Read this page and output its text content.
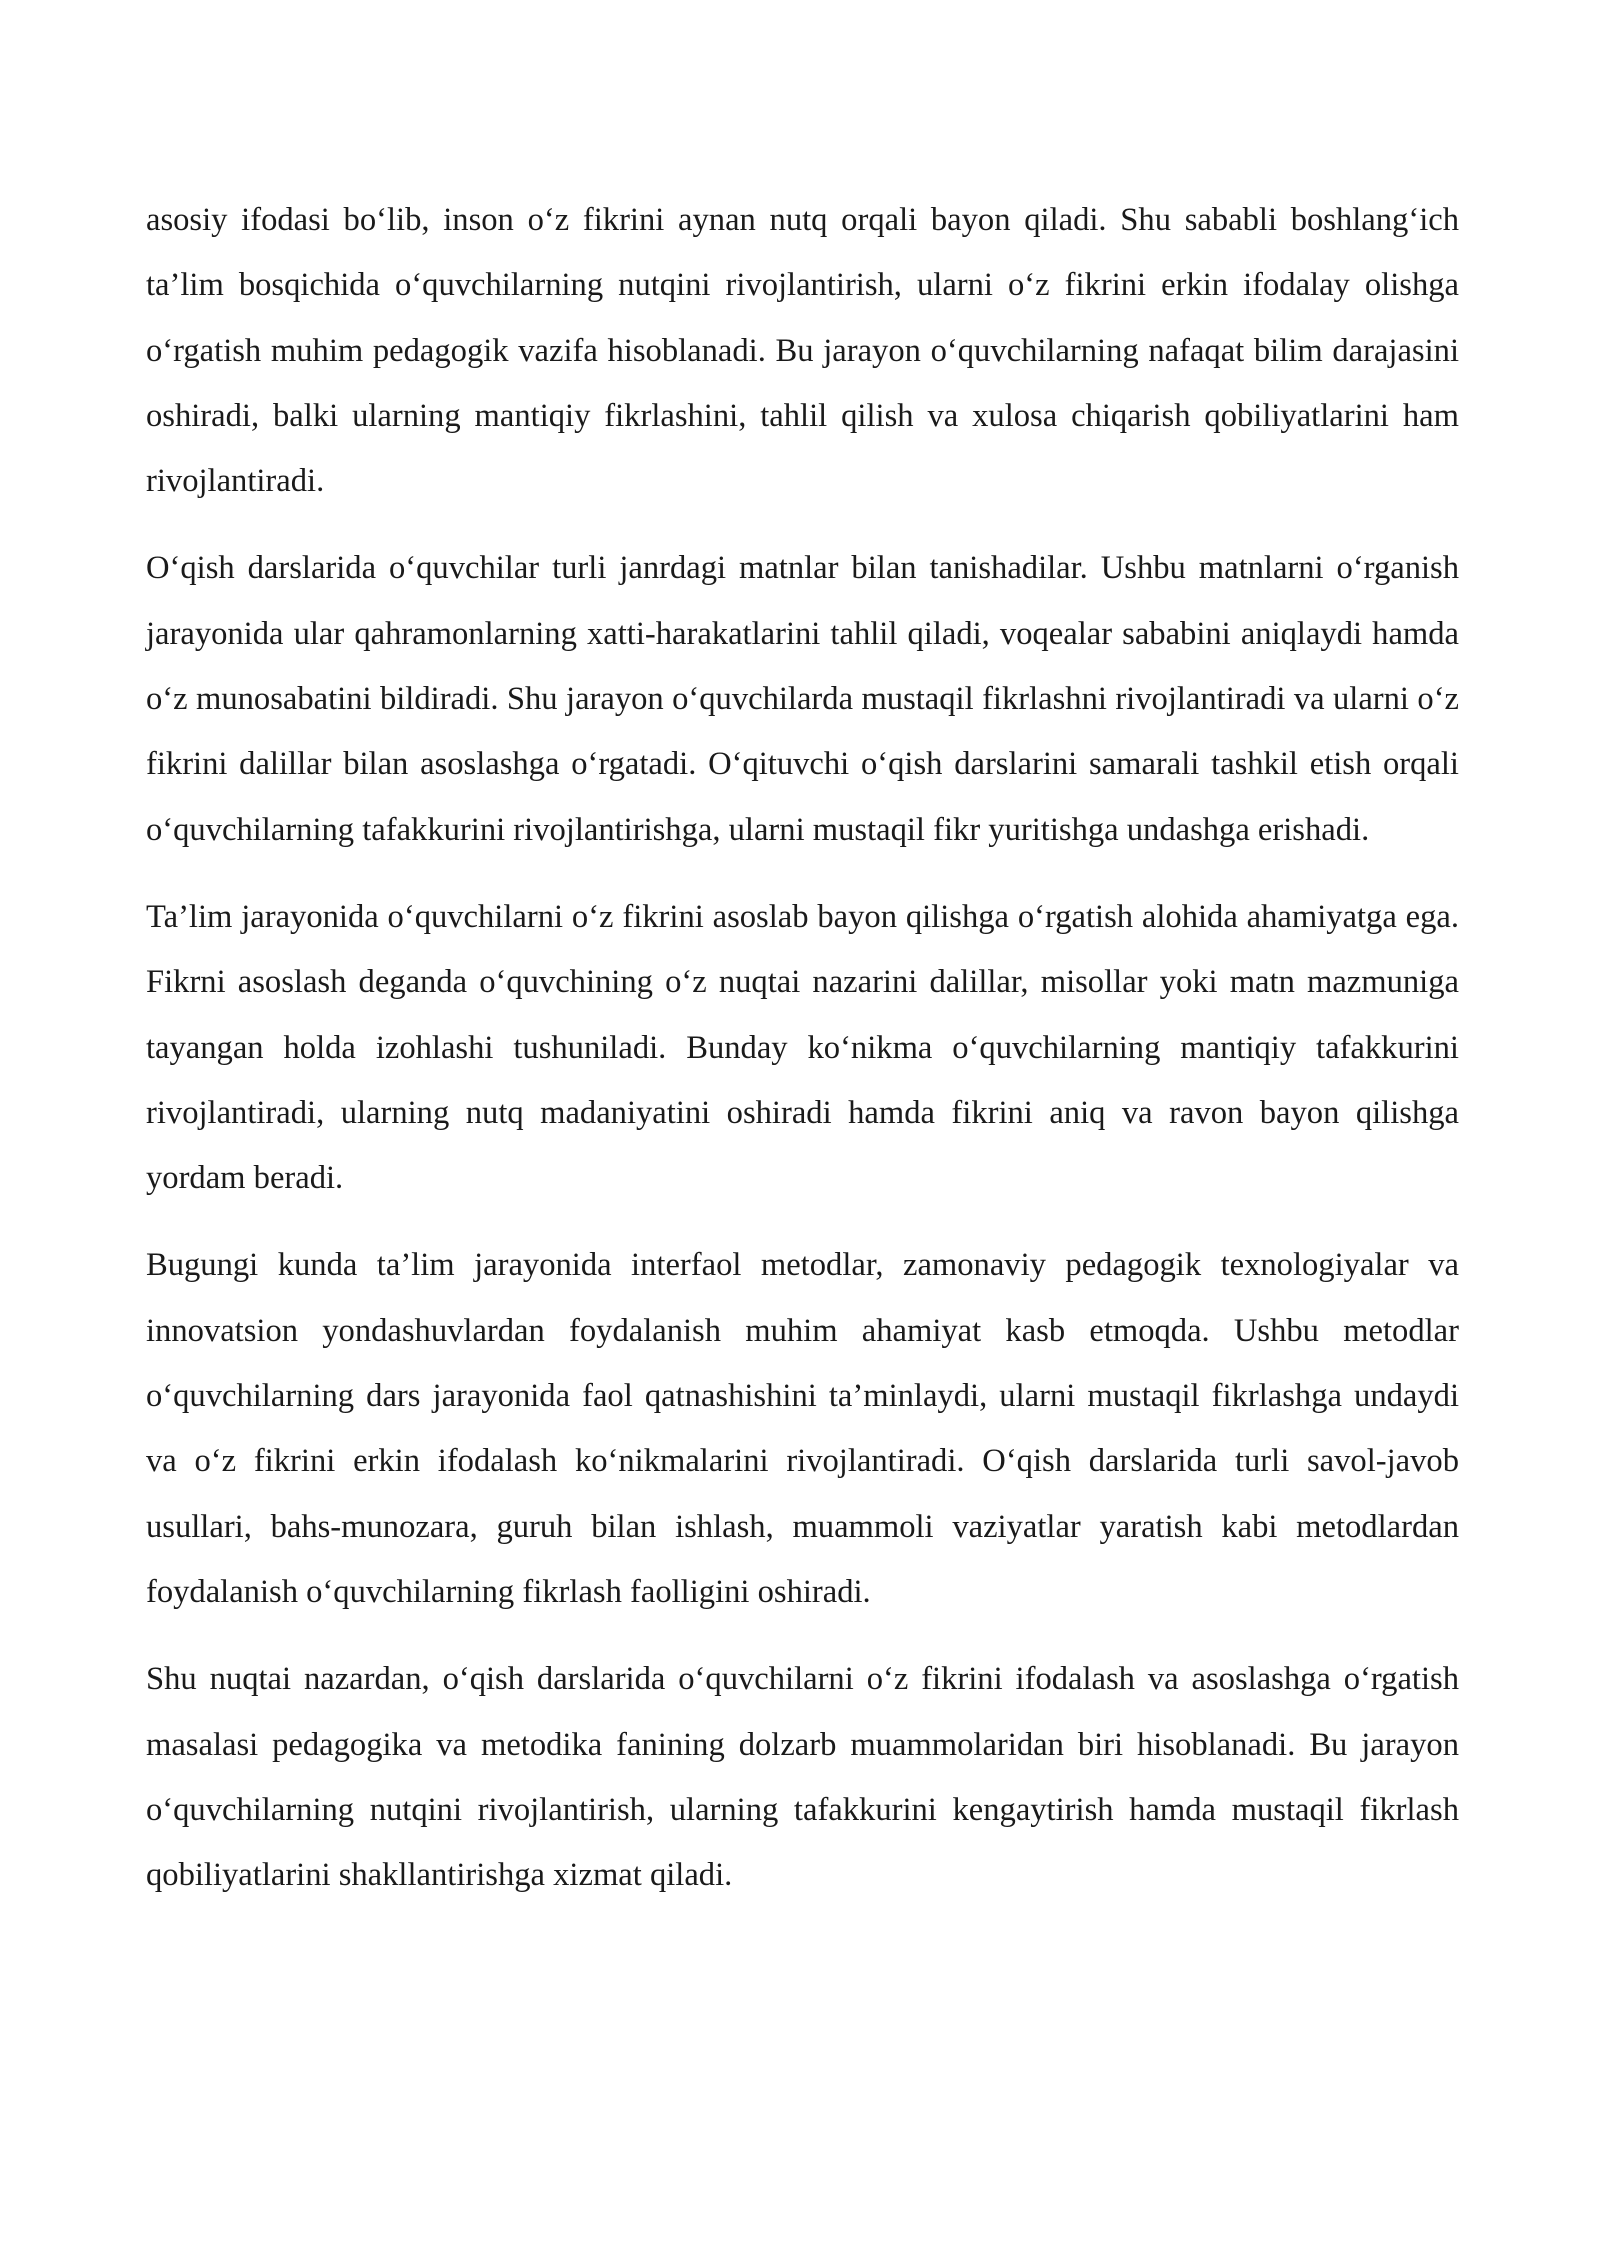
asosiy ifodasi bo‘lib, inson o‘z fikrini aynan nutq orqali bayon qiladi. Shu sababli boshlang‘ich ta’lim bosqichida o‘quvchilarning nutqini rivojlantirish, ularni o‘z fikrini erkin ifodalay olishga o‘rgatish muhim pedagogik vazifa hisoblanadi. Bu jarayon o‘quvchilarning nafaqat bilim darajasini oshiradi, balki ularning mantiqiy fikrlashini, tahlil qilish va xulosa chiqarish qobiliyatlarini ham rivojlantiradi.

O‘qish darslarida o‘quvchilar turli janrdagi matnlar bilan tanishadilar. Ushbu matnlarni o‘rganish jarayonida ular qahramonlarning xatti-harakatlarini tahlil qiladi, voqealar sababini aniqlaydi hamda o‘z munosabatini bildiradi. Shu jarayon o‘quvchilarda mustaqil fikrlashni rivojlantiradi va ularni o‘z fikrini dalillar bilan asoslashga o‘rgatadi. O‘qituvchi o‘qish darslarini samarali tashkil etish orqali o‘quvchilarning tafakkurini rivojlantirishga, ularni mustaqil fikr yuritishga undashga erishadi.

Ta’lim jarayonida o‘quvchilarni o‘z fikrini asoslab bayon qilishga o‘rgatish alohida ahamiyatga ega. Fikrni asoslash deganda o‘quvchining o‘z nuqtai nazarini dalillar, misollar yoki matn mazmuniga tayangan holda izohlashi tushuniladi. Bunday ko‘nikma o‘quvchilarning mantiqiy tafakkurini rivojlantiradi, ularning nutq madaniyatini oshiradi hamda fikrini aniq va ravon bayon qilishga yordam beradi.

Bugungi kunda ta’lim jarayonida interfaol metodlar, zamonaviy pedagogik texnologiyalar va innovatsion yondashuvlardan foydalanish muhim ahamiyat kasb etmoqda. Ushbu metodlar o‘quvchilarning dars jarayonida faol qatnashishini ta’minlaydi, ularni mustaqil fikrlashga undaydi va o‘z fikrini erkin ifodalash ko‘nikmalarini rivojlantiradi. O‘qish darslarida turli savol-javob usullari, bahs-munozara, guruh bilan ishlash, muammoli vaziyatlar yaratish kabi metodlardan foydalanish o‘quvchilarning fikrlash faolligini oshiradi.

Shu nuqtai nazardan, o‘qish darslarida o‘quvchilarni o‘z fikrini ifodalash va asoslashga o‘rgatish masalasi pedagogika va metodika fanining dolzarb muammolaridan biri hisoblanadi. Bu jarayon o‘quvchilarning nutqini rivojlantirish, ularning tafakkurini kengaytirish hamda mustaqil fikrlash qobiliyatlarini shakllantirishga xizmat qiladi.
